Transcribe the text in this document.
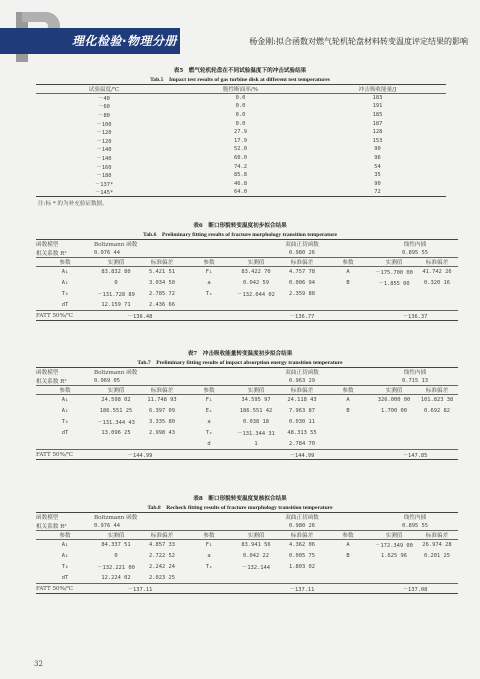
理化检验·物理分册	杨金刚:拟合函数对燃气轮机轮盘材料转变温度评定结果的影响
表5　燃气轮机轮盘在不同试验温度下的冲击试验结果
Tab.5　Impact test results of gas turbine disk at different test temperatures
试验温度/℃	脆性断面率/%	冲击吸收能量/J
－40	0.0	183
－60	0.0	191
－80	0.0	185
－100	0.0	187
－120	27.9	128
－120	17.9	153
－140	52.0	90
－140	60.0	96
－160	74.2	54
－180	85.8	35
－137*	46.8	90
－145*	64.0	72
注:标 * 的为补充验证数据。
表6　断口形貌转变温度初步拟合结果
Tab.6　Preliminary fitting results of fracture morphology transition temperature
函数模型	Boltzmann 函数			双曲正切函数			线性内插	
相关系数 R²	0.976 44			0.980 26			0.895 55	
参数	实测值	标准偏差	参数	实测值	标准偏差	参数	实测值	标准偏差
A₁	83.832 80	5.421 51	F₁	83.422 70	4.757 78	A	－175.700 00	41.742 26
A₂	0	3.034 50	a	0.042 59	0.006 94	B	－1.855 00	0.320 16
T₀	－131.728 89	2.785 72	Tₓ	－132.044 02	2.359 88			
dT	12.159 71	2.436 66						
FATT 50%/℃	－136.48			－136.77			－136.37	
表7　冲击吸收能量转变温度初步拟合结果
Tab.7　Preliminary fitting results of impact absorption energy transition temperature
函数模型	Boltzmann 函数			双曲正切函数			线性内插	
相关系数 R²	0.969 05			0.963 29			0.715 13	
参数	实测值	标准偏差	参数	实测值	标准偏差	参数	实测值	标准偏差
A₁	24.598 02	11.748 93	F₁	34.595 97	24.118 43	A	326.000 00	101.823 38
A₂	186.551 25	6.397 09	Eₛ	186.551 42	7.963 87	B	1.700 00	0.692 82
T₀	－131.344 43	3.335 80	a	0.038 18	0.030 11			
dT	13.096 25	2.998 43	Tₓ	－131.344 31	48.313 55			
			d	1	2.784 70			
FATT 50%/℃	－144.99			－144.99			－147.85	
表8　断口形貌转变温度复核拟合结果
Tab.8　Recheck fitting results of fracture morphology transition temperature
函数模型	Boltzmann 函数			双曲正切函数			线性内插	
相关系数 R²	0.976 44			0.980 26			0.895 55	
参数	实测值	标准偏差	参数	实测值	标准偏差	参数	实测值	标准偏差
A₁	84.337 51	4.857 33	F₁	83.941 56	4.362 06	A	－172.349 00	26.974 28
A₂	0	2.722 52	a	0.042 22	0.005 75	B	1.625 96	0.201 25
T₀	－132.221 00	2.242 24	Tₓ	－132.144	1.803 02			
dT	12.224 02	2.023 25						
FATT 50%/℃	－137.11			－137.11			－137.08	
32
